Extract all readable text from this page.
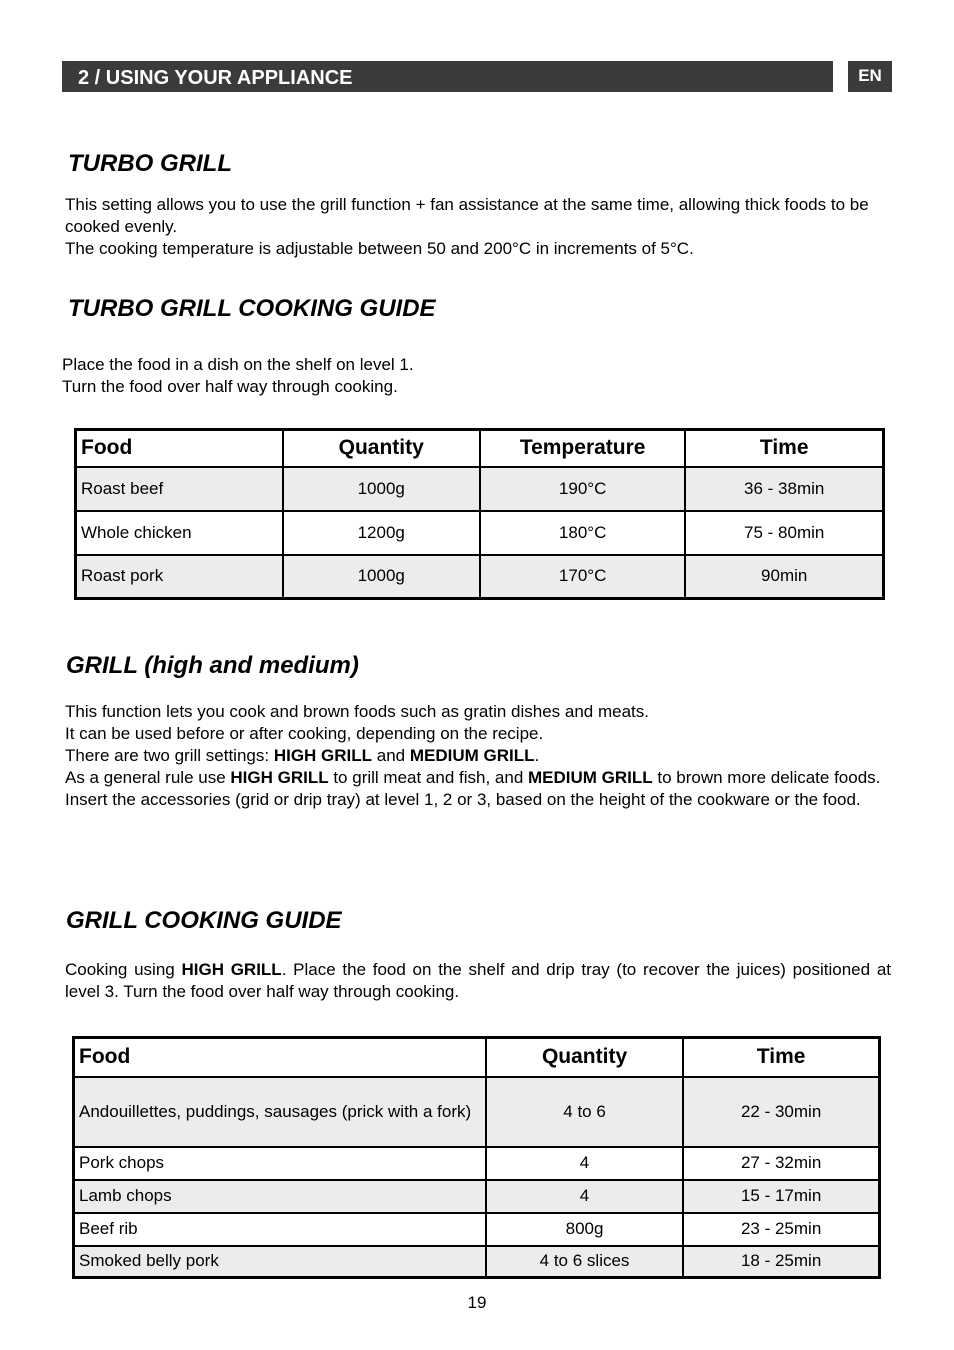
2 / USING YOUR APPLIANCE	EN
TURBO GRILL

This setting allows you to use the grill function + fan assistance at the same time, allowing thick foods to be cooked evenly.

The cooking temperature is adjustable between 50 and 200°C in increments of 5°C.

TURBO GRILL COOKING GUIDE

Place the food in a dish on the shelf on level 1.

Turn the food over half way through cooking.

Food	Quantity	Temperature	Time
Roast beef	1000g	190°C	36 - 38min
Whole chicken	1200g	180°C	75 - 80min
Roast pork	1000g	170°C	90min
GRILL (high and medium)

This function lets you cook and brown foods such as gratin dishes and meats.

It can be used before or after cooking, depending on the recipe.

There are two grill settings: HIGH GRILL and MEDIUM GRILL.

As a general rule use HIGH GRILL to grill meat and fish, and MEDIUM GRILL to brown more delicate foods.

Insert the accessories (grid or drip tray) at level 1, 2 or 3, based on the height of the cookware or the food.

GRILL COOKING GUIDE

Cooking using HIGH GRILL. Place the food on the shelf and drip tray (to recover the juices) positioned at level 3. Turn the food over half way through cooking.

Food	Quantity	Time
Andouillettes, puddings, sausages (prick with a fork)	4 to 6	22 - 30min
Pork chops	4	27 - 32min
Lamb chops	4	15 - 17min
Beef rib	800g	23 - 25min
Smoked belly pork	4 to 6 slices	18 - 25min
19
